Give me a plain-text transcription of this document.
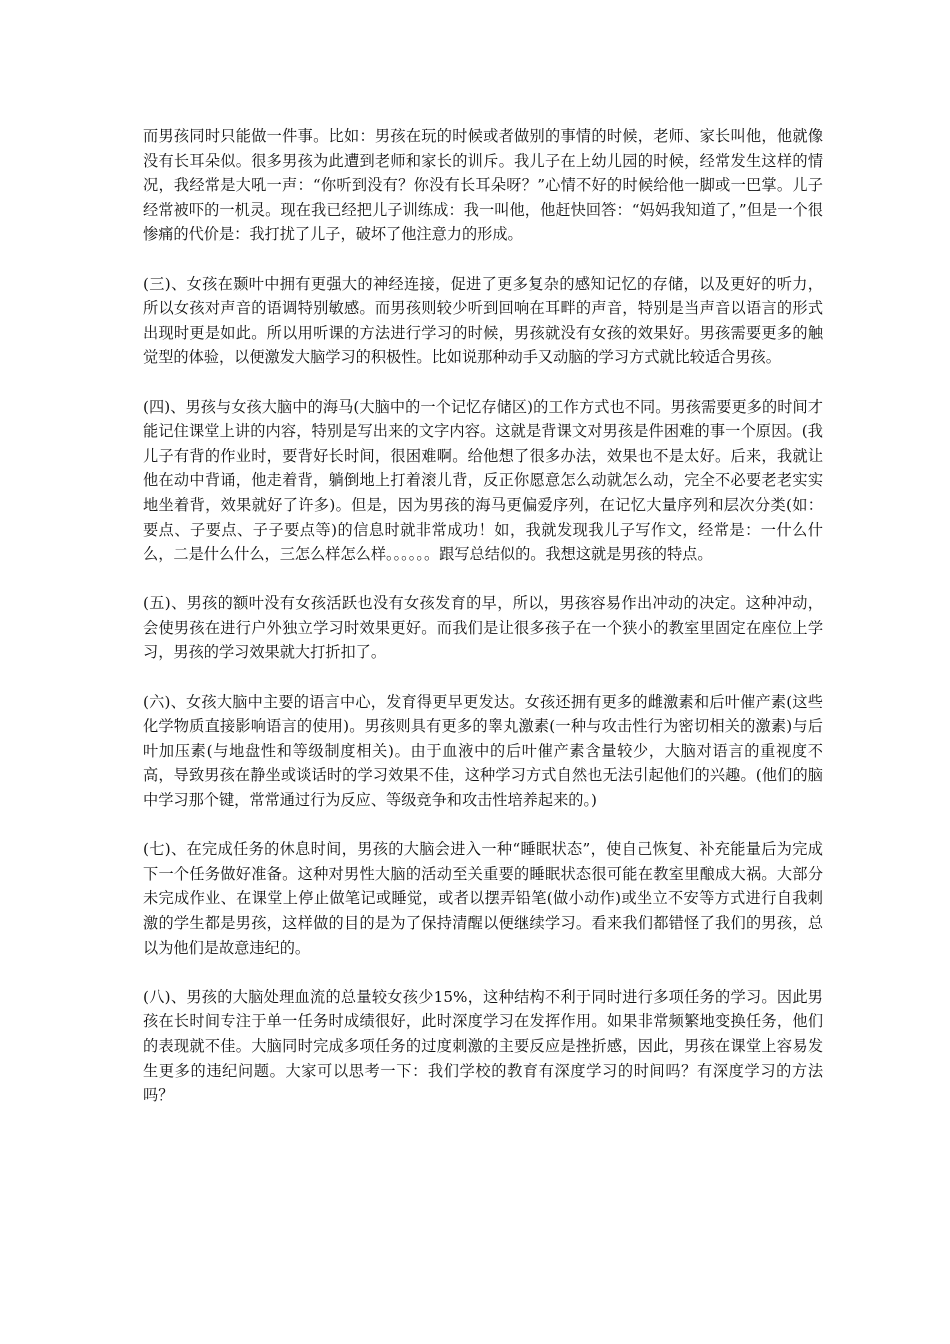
而男孩同时只能做一件事。比如：男孩在玩的时候或者做别的事情的时候，老师、家长叫他，他就像没有长耳朵似。很多男孩为此遭到老师和家长的训斥。我儿子在上幼儿园的时候，经常发生这样的情况，我经常是大吼一声：“你听到没有？你没有长耳朵呀？”心情不好的时候给他一脚或一巴掌。儿子经常被吓的一机灵。现在我已经把儿子训练成：我一叫他，他赶快回答：“妈妈我知道了，”但是一个很惨痛的代价是：我打扰了儿子，破坏了他注意力的形成。

(三)、女孩在颞叶中拥有更强大的神经连接，促进了更多复杂的感知记忆的存储，以及更好的听力，所以女孩对声音的语调特别敏感。而男孩则较少听到回响在耳畔的声音，特别是当声音以语言的形式出现时更是如此。所以用听课的方法进行学习的时候，男孩就没有女孩的效果好。男孩需要更多的触觉型的体验，以便激发大脑学习的积极性。比如说那种动手又动脑的学习方式就比较适合男孩。

(四)、男孩与女孩大脑中的海马(大脑中的一个记忆存储区)的工作方式也不同。男孩需要更多的时间才能记住课堂上讲的内容，特别是写出来的文字内容。这就是背课文对男孩是件困难的事一个原因。(我儿子有背的作业时，要背好长时间，很困难啊。给他想了很多办法，效果也不是太好。后来，我就让他在动中背诵，他走着背，躺倒地上打着滚儿背，反正你愿意怎么动就怎么动，完全不必要老老实实地坐着背，效果就好了许多)。但是，因为男孩的海马更偏爱序列，在记忆大量序列和层次分类(如：要点、子要点、子子要点等)的信息时就非常成功！如，我就发现我儿子写作文，经常是：一什么什么，二是什么什么，三怎么样怎么样。。。。。。跟写总结似的。我想这就是男孩的特点。

(五)、男孩的额叶没有女孩活跃也没有女孩发育的早，所以，男孩容易作出冲动的决定。这种冲动，会使男孩在进行户外独立学习时效果更好。而我们是让很多孩子在一个狭小的教室里固定在座位上学习，男孩的学习效果就大打折扣了。

(六)、女孩大脑中主要的语言中心，发育得更早更发达。女孩还拥有更多的雌激素和后叶催产素(这些化学物质直接影响语言的使用)。男孩则具有更多的睾丸激素(一种与攻击性行为密切相关的激素)与后叶加压素(与地盘性和等级制度相关)。由于血液中的后叶催产素含量较少，大脑对语言的重视度不高，导致男孩在静坐或谈话时的学习效果不佳，这种学习方式自然也无法引起他们的兴趣。(他们的脑中学习那个键，常常通过行为反应、等级竞争和攻击性培养起来的。)

(七)、在完成任务的休息时间，男孩的大脑会进入一种“睡眠状态”，使自己恢复、补充能量后为完成下一个任务做好准备。这种对男性大脑的活动至关重要的睡眠状态很可能在教室里酿成大祸。大部分未完成作业、在课堂上停止做笔记或睡觉，或者以摆弄铅笔(做小动作)或坐立不安等方式进行自我刺激的学生都是男孩，这样做的目的是为了保持清醒以便继续学习。看来我们都错怪了我们的男孩，总以为他们是故意违纪的。

(八)、男孩的大脑处理血流的总量较女孩少15%，这种结构不利于同时进行多项任务的学习。因此男孩在长时间专注于单一任务时成绩很好，此时深度学习在发挥作用。如果非常频繁地变换任务，他们的表现就不佳。大脑同时完成多项任务的过度刺激的主要反应是挫折感，因此，男孩在课堂上容易发生更多的违纪问题。大家可以思考一下：我们学校的教育有深度学习的时间吗？有深度学习的方法吗？
